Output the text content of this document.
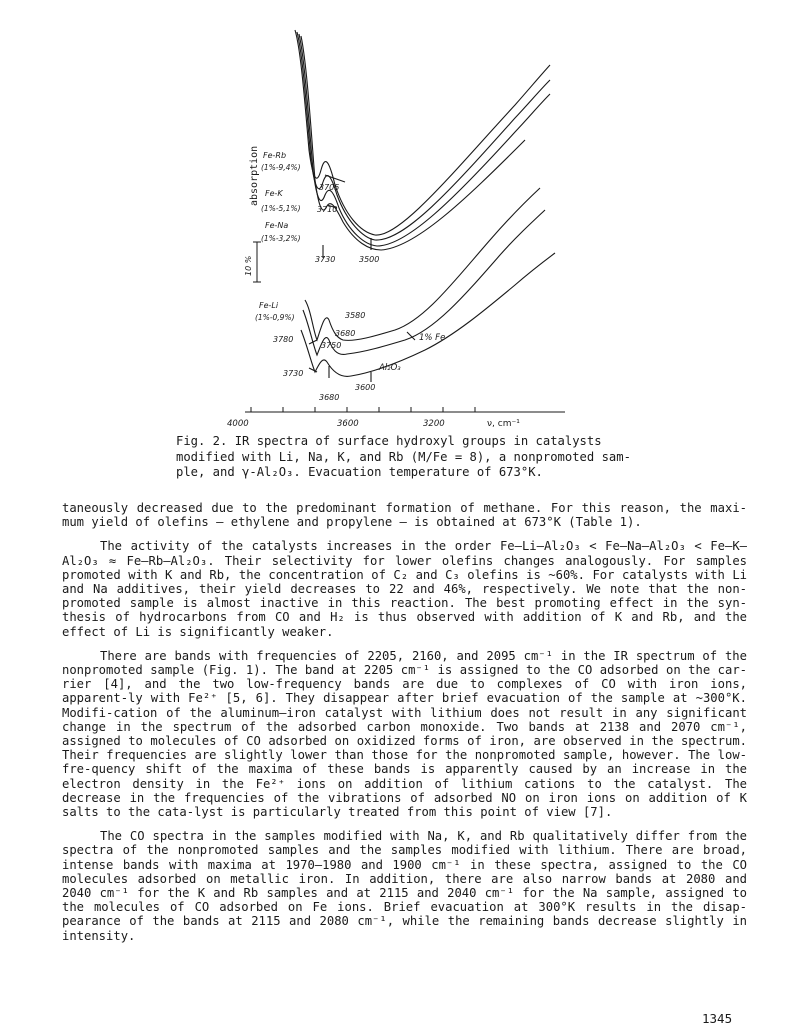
absorption
10 %
Fe-Rb
(1%-9,4%)
Fe-K
(1%-5,1%)
Fe-Na
(1%-3,2%)
Fe-Li
(1%-0,9%)
1% Fe
Al₂O₃
3705
3710
3730	3500
3580
3680
3780
3750
3730
3600
3680
4000	3600	3200	ν, cm⁻¹
Fig. 2. IR spectra of surface hydroxyl groups in catalysts
modified with Li, Na, K, and Rb (M/Fe = 8), a nonpromoted sam-
ple, and γ-Al₂O₃. Evacuation temperature of 673°K.

taneously decreased due to the predominant formation of methane. For this reason, the maxi-mum yield of olefins — ethylene and propylene — is obtained at 673°K (Table 1).

The activity of the catalysts increases in the order Fe–Li–Al₂O₃ < Fe–Na–Al₂O₃ < Fe–K–Al₂O₃ ≈ Fe–Rb–Al₂O₃. Their selectivity for lower olefins changes analogously. For samples promoted with K and Rb, the concentration of C₂ and C₃ olefins is ~60%. For catalysts with Li and Na additives, their yield decreases to 22 and 46%, respectively. We note that the non-promoted sample is almost inactive in this reaction. The best promoting effect in the syn-thesis of hydrocarbons from CO and H₂ is thus observed with addition of K and Rb, and the effect of Li is significantly weaker.

There are bands with frequencies of 2205, 2160, and 2095 cm⁻¹ in the IR spectrum of the nonpromoted sample (Fig. 1). The band at 2205 cm⁻¹ is assigned to the CO adsorbed on the car-rier [4], and the two low-frequency bands are due to complexes of CO with iron ions, apparent-ly with Fe²⁺ [5, 6]. They disappear after brief evacuation of the sample at ~300°K. Modifi-cation of the aluminum–iron catalyst with lithium does not result in any significant change in the spectrum of the adsorbed carbon monoxide. Two bands at 2138 and 2070 cm⁻¹, assigned to molecules of CO adsorbed on oxidized forms of iron, are observed in the spectrum. Their frequencies are slightly lower than those for the nonpromoted sample, however. The low-fre-quency shift of the maxima of these bands is apparently caused by an increase in the electron density in the Fe²⁺ ions on addition of lithium cations to the catalyst. The decrease in the frequencies of the vibrations of adsorbed NO on iron ions on addition of K salts to the cata-lyst is particularly treated from this point of view [7].

The CO spectra in the samples modified with Na, K, and Rb qualitatively differ from the spectra of the nonpromoted samples and the samples modified with lithium. There are broad, intense bands with maxima at 1970–1980 and 1900 cm⁻¹ in these spectra, assigned to the CO molecules adsorbed on metallic iron. In addition, there are also narrow bands at 2080 and 2040 cm⁻¹ for the K and Rb samples and at 2115 and 2040 cm⁻¹ for the Na sample, assigned to the molecules of CO adsorbed on Fe ions. Brief evacuation at 300°K results in the disap-pearance of the bands at 2115 and 2080 cm⁻¹, while the remaining bands decrease slightly in intensity.

1345
